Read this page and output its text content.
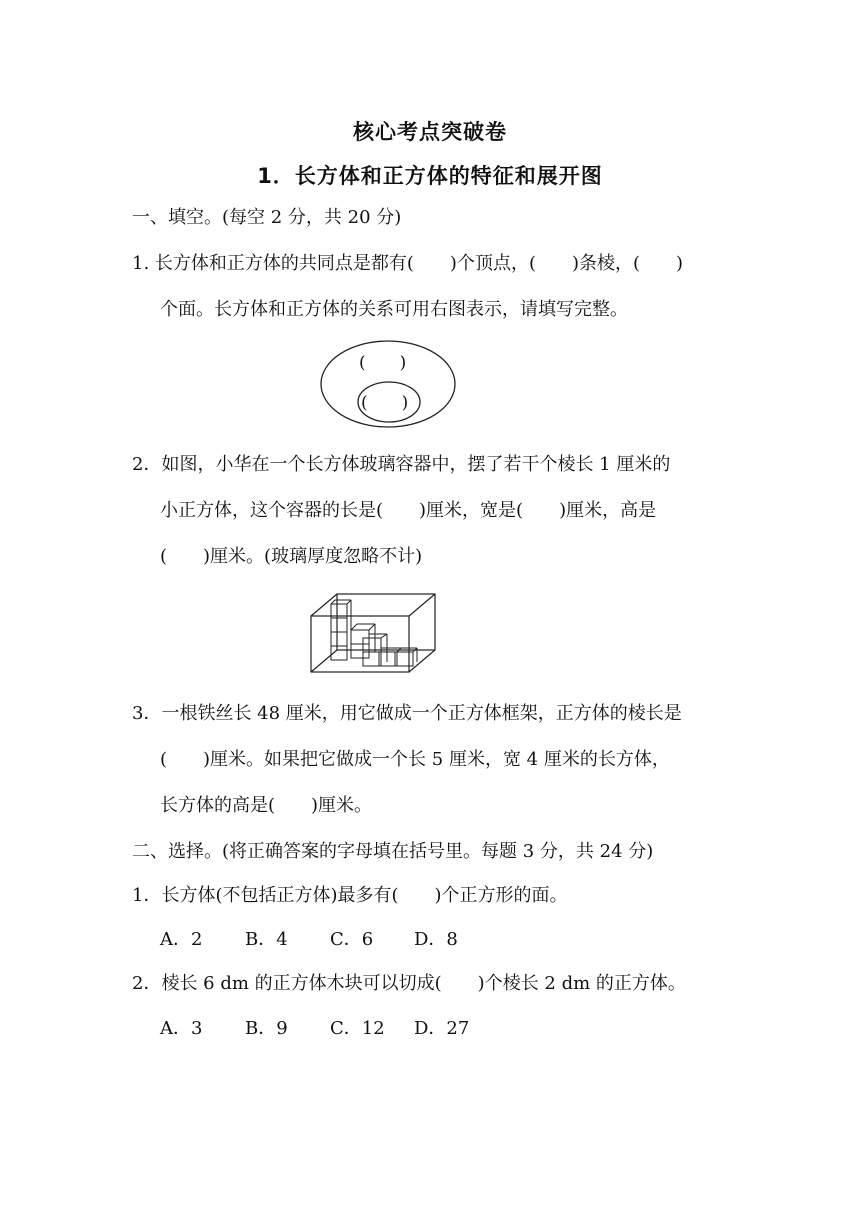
核心考点突破卷
1．长方体和正方体的特征和展开图
一、填空。(每空 2 分，共 20 分)
1. 长方体和正方体的共同点是都有(　　)个顶点，(　　)条棱，(　　)
个面。长方体和正方体的关系可用右图表示，请填写完整。
(　　)
(　　)
2．如图，小华在一个长方体玻璃容器中，摆了若干个棱长 1 厘米的
小正方体，这个容器的长是(　　)厘米，宽是(　　)厘米，高是
(　　)厘米。(玻璃厚度忽略不计)
3．一根铁丝长 48 厘米，用它做成一个正方体框架，正方体的棱长是
(　　)厘米。如果把它做成一个长 5 厘米，宽 4 厘米的长方体，
长方体的高是(　　)厘米。
二、选择。(将正确答案的字母填在括号里。每题 3 分，共 24 分)
1．长方体(不包括正方体)最多有(　　)个正方形的面。
A．2 B．4 C．6 D．8
2．棱长 6 dm 的正方体木块可以切成(　　)个棱长 2 dm 的正方体。
A．3 B．9 C．12 D．27
